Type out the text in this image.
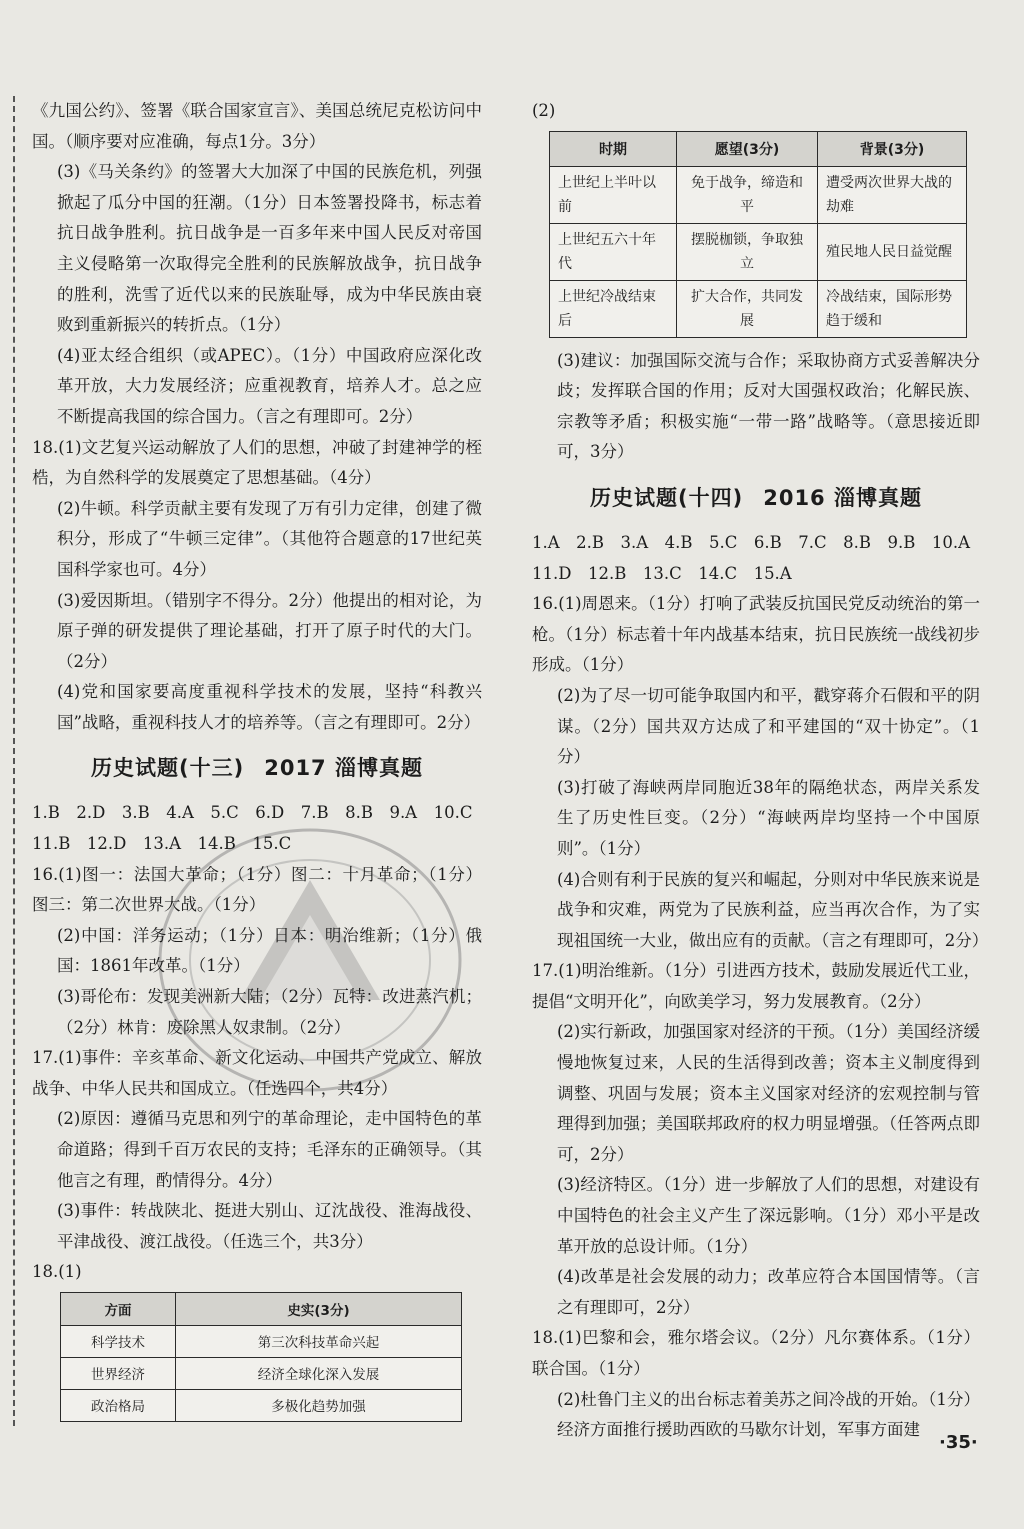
《九国公约》、签署《联合国家宣言》、美国总统尼克松访问中国。（顺序要对应准确，每点1分。3分）

(3)《马关条约》的签署大大加深了中国的民族危机，列强掀起了瓜分中国的狂潮。（1分）日本签署投降书，标志着抗日战争胜利。抗日战争是一百多年来中国人民反对帝国主义侵略第一次取得完全胜利的民族解放战争，抗日战争的胜利，洗雪了近代以来的民族耻辱，成为中华民族由衰败到重新振兴的转折点。（1分）

(4)亚太经合组织（或APEC）。（1分）中国政府应深化改革开放，大力发展经济；应重视教育，培养人才。总之应不断提高我国的综合国力。（言之有理即可。2分）

18.(1)文艺复兴运动解放了人们的思想，冲破了封建神学的桎梏，为自然科学的发展奠定了思想基础。（4分）

(2)牛顿。科学贡献主要有发现了万有引力定律，创建了微积分，形成了“牛顿三定律”。（其他符合题意的17世纪英国科学家也可。4分）

(3)爱因斯坦。（错别字不得分。2分）他提出的相对论，为原子弹的研发提供了理论基础，打开了原子时代的大门。（2分）

(4)党和国家要高度重视科学技术的发展，坚持“科教兴国”战略，重视科技人才的培养等。（言之有理即可。2分）

历史试题(十三) 2017 淄博真题

1.B　2.D　3.B　4.A　5.C　6.D　7.B　8.B　9.A　10.C

11.B　12.D　13.A　14.B　15.C

16.(1)图一：法国大革命；（1分）图二：十月革命；（1分）图三：第二次世界大战。（1分）

(2)中国：洋务运动；（1分）日本：明治维新；（1分）俄国：1861年改革。（1分）

(3)哥伦布：发现美洲新大陆；（2分）瓦特：改进蒸汽机；（2分）林肯：废除黑人奴隶制。（2分）

17.(1)事件：辛亥革命、新文化运动、中国共产党成立、解放战争、中华人民共和国成立。（任选四个，共4分）

(2)原因：遵循马克思和列宁的革命理论，走中国特色的革命道路；得到千百万农民的支持；毛泽东的正确领导。（其他言之有理，酌情得分。4分）

(3)事件：转战陕北、挺进大别山、辽沈战役、淮海战役、平津战役、渡江战役。（任选三个，共3分）

18.(1)

方面	史实(3分)
科学技术	第三次科技革命兴起
世界经济	经济全球化深入发展
政治格局	多极化趋势加强

(2)

时期	愿望(3分)	背景(3分)
上世纪上半叶以前	免于战争，缔造和平	遭受两次世界大战的劫难
上世纪五六十年代	摆脱枷锁，争取独立	殖民地人民日益觉醒
上世纪冷战结束后	扩大合作，共同发展	冷战结束，国际形势趋于缓和

(3)建议：加强国际交流与合作；采取协商方式妥善解决分歧；发挥联合国的作用；反对大国强权政治；化解民族、宗教等矛盾；积极实施“一带一路”战略等。（意思接近即可，3分）

历史试题(十四) 2016 淄博真题

1.A　2.B　3.A　4.B　5.C　6.B　7.C　8.B　9.B　10.A

11.D　12.B　13.C　14.C　15.A

16.(1)周恩来。（1分）打响了武装反抗国民党反动统治的第一枪。（1分）标志着十年内战基本结束，抗日民族统一战线初步形成。（1分）

(2)为了尽一切可能争取国内和平，戳穿蒋介石假和平的阴谋。（2分）国共双方达成了和平建国的“双十协定”。（1分）

(3)打破了海峡两岸同胞近38年的隔绝状态，两岸关系发生了历史性巨变。（2分）“海峡两岸均坚持一个中国原则”。（1分）

(4)合则有利于民族的复兴和崛起，分则对中华民族来说是战争和灾难，两党为了民族利益，应当再次合作，为了实现祖国统一大业，做出应有的贡献。（言之有理即可，2分）

17.(1)明治维新。（1分）引进西方技术，鼓励发展近代工业，提倡“文明开化”，向欧美学习，努力发展教育。（2分）

(2)实行新政，加强国家对经济的干预。（1分）美国经济缓慢地恢复过来，人民的生活得到改善；资本主义制度得到调整、巩固与发展；资本主义国家对经济的宏观控制与管理得到加强；美国联邦政府的权力明显增强。（任答两点即可，2分）

(3)经济特区。（1分）进一步解放了人们的思想，对建设有中国特色的社会主义产生了深远影响。（1分）邓小平是改革开放的总设计师。（1分）

(4)改革是社会发展的动力；改革应符合本国国情等。（言之有理即可，2分）

18.(1)巴黎和会，雅尔塔会议。（2分）凡尔赛体系。（1分）联合国。（1分）

(2)杜鲁门主义的出台标志着美苏之间冷战的开始。（1分）经济方面推行援助西欧的马歇尔计划，军事方面建

·35·
